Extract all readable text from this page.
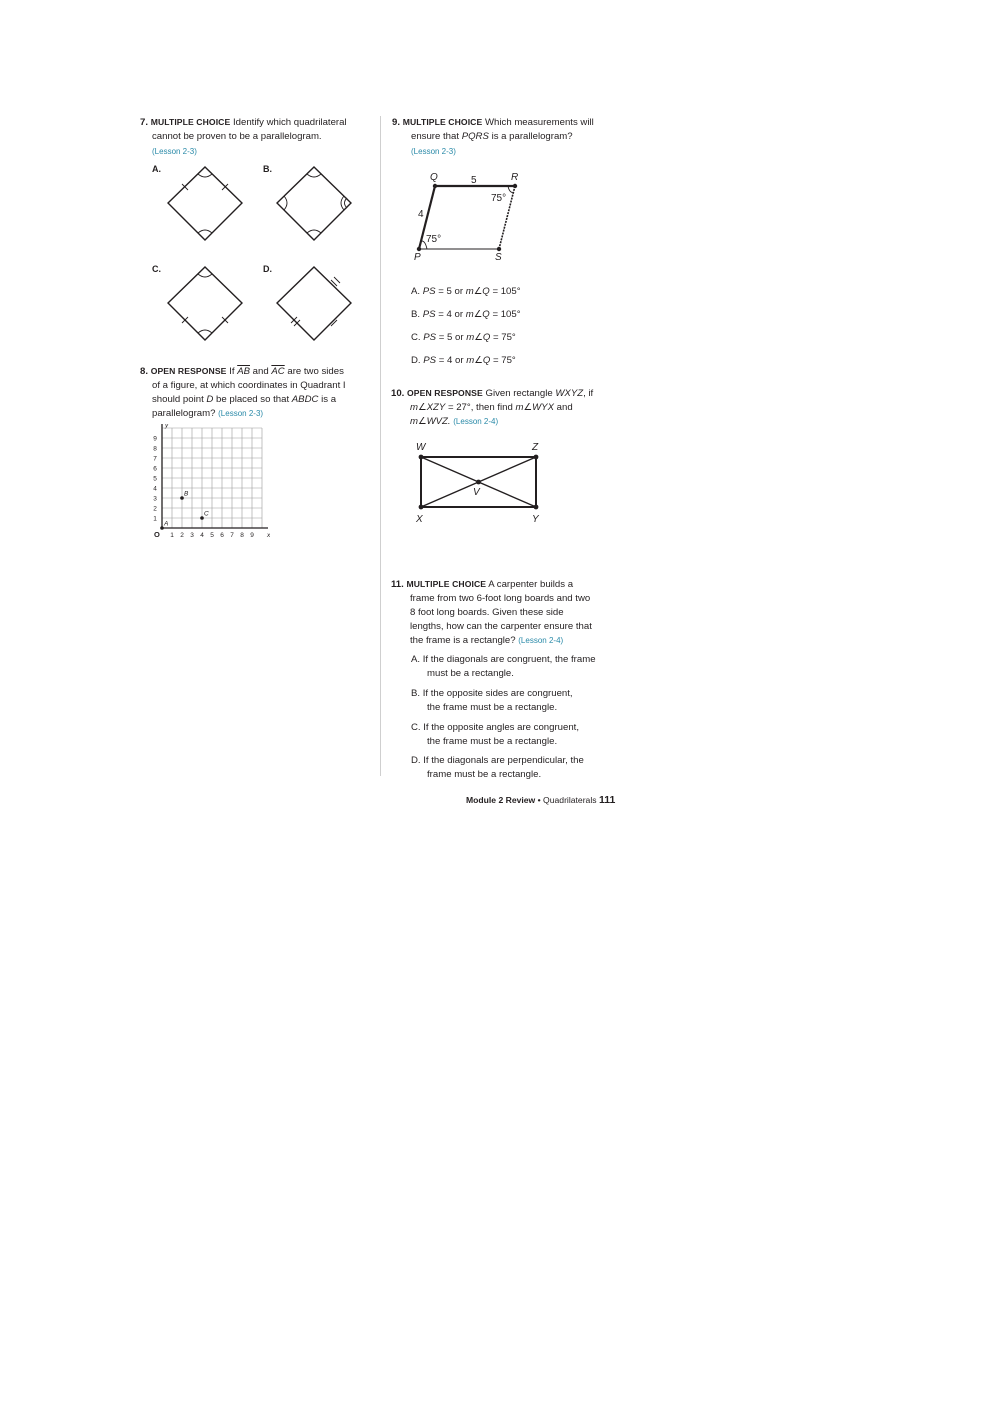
7. MULTIPLE CHOICE Identify which quadrilateral
cannot be proven to be a parallelogram.
(Lesson 2-3)
A.	B.
C.	D.
8. OPEN RESPONSE If $\overline{AB}$ and $\overline{AC}$ are two sides
of a figure, at which coordinates in Quadrant I
should point D be placed so that ABDC is a
parallelogram? (Lesson 2-3)
9
8
7
6
5
4
3
2
1
1 2 3 4 5 6 7 8 9
O	x
y
A
B
C
9. MULTIPLE CHOICE Which measurements will
ensure that PQRS is a parallelogram?
(Lesson 2-3)
Q	R
P	S
5
4
75°
75°
A. PS = 5 or m∠Q = 105°
B. PS = 4 or m∠Q = 105°
C. PS = 5 or m∠Q = 75°
D. PS = 4 or m∠Q = 75°
10. OPEN RESPONSE Given rectangle WXYZ, if
m∠XZY = 27°, then find m∠WYX and
m∠WVZ. (Lesson 2-4)
W	Z
X	Y
V
11. MULTIPLE CHOICE A carpenter builds a
frame from two 6-foot long boards and two
8 foot long boards. Given these side
lengths, how can the carpenter ensure that
the frame is a rectangle? (Lesson 2-4)
A. If the diagonals are congruent, the frame
must be a rectangle.
B. If the opposite sides are congruent,
the frame must be a rectangle.
C. If the opposite angles are congruent,
the frame must be a rectangle.
D. If the diagonals are perpendicular, the
frame must be a rectangle.
Module 2 Review • Quadrilaterals 111
